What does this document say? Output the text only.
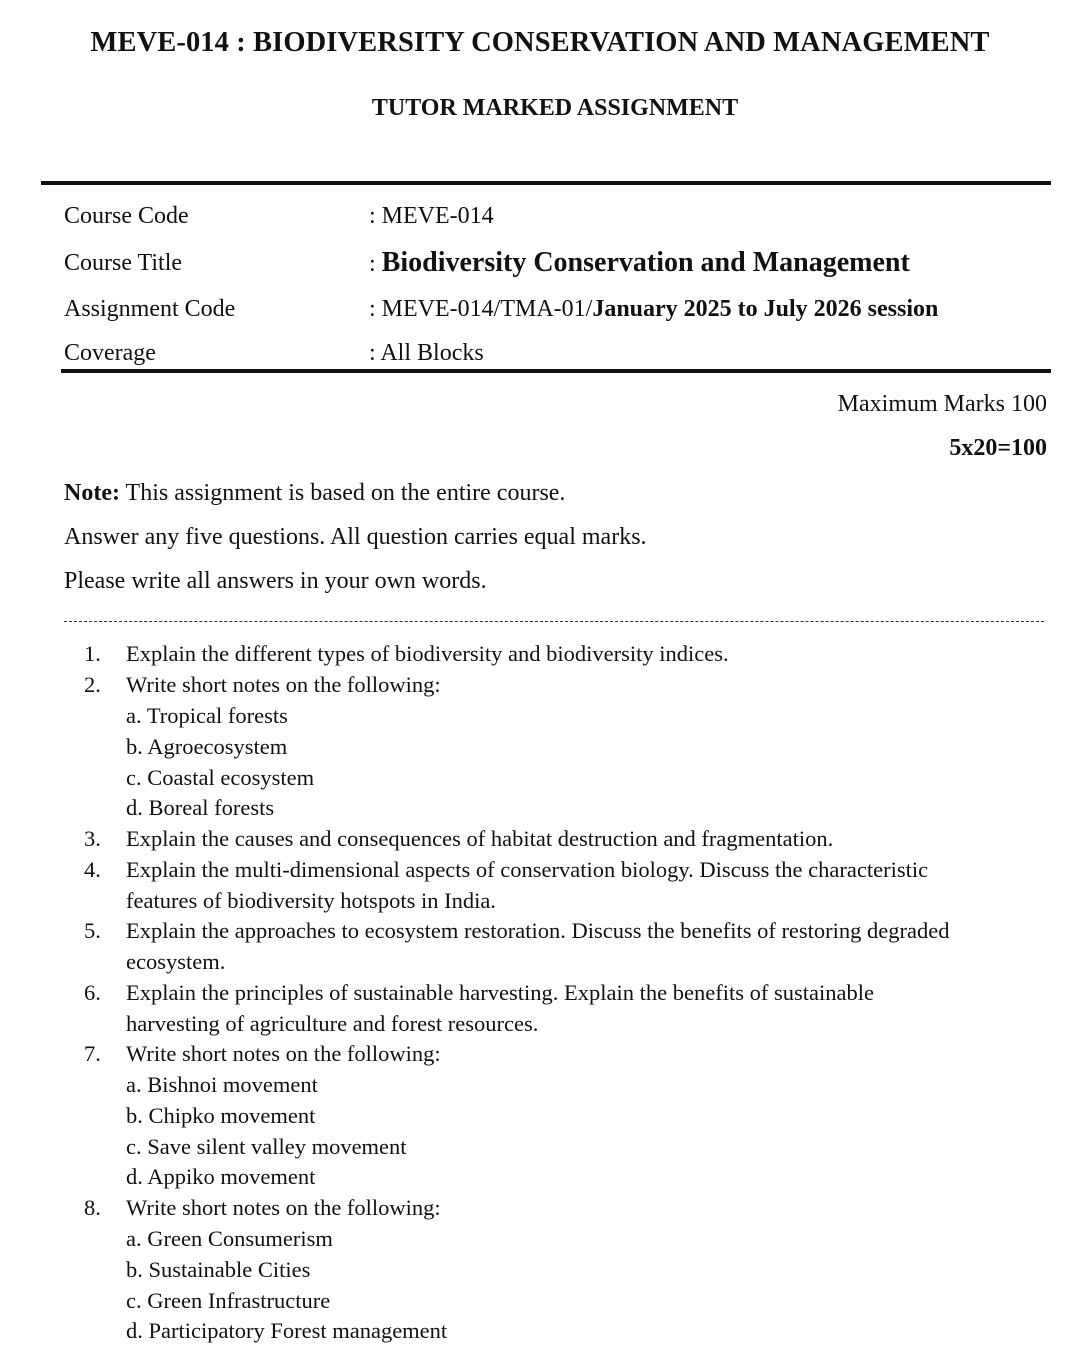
MEVE-014 : BIODIVERSITY CONSERVATION AND MANAGEMENT
TUTOR MARKED ASSIGNMENT
Course Code	: MEVE-014
Course Title	: Biodiversity Conservation and Management
Assignment Code	: MEVE-014/TMA-01/January 2025 to July 2026 session
Coverage	: All Blocks
Maximum Marks 100
5x20=100
Note: This assignment is based on the entire course.
Answer any five questions. All question carries equal marks.
Please write all answers in your own words.
1. Explain the different types of biodiversity and biodiversity indices.
2. Write short notes on the following:
a. Tropical forests
b. Agroecosystem
c. Coastal ecosystem
d. Boreal forests
3. Explain the causes and consequences of habitat destruction and fragmentation.
4. Explain the multi-dimensional aspects of conservation biology. Discuss the characteristic
features of biodiversity hotspots in India.
5. Explain the approaches to ecosystem restoration. Discuss the benefits of restoring degraded
ecosystem.
6. Explain the principles of sustainable harvesting. Explain the benefits of sustainable
harvesting of agriculture and forest resources.
7. Write short notes on the following:
a. Bishnoi movement
b. Chipko movement
c. Save silent valley movement
d. Appiko movement
8. Write short notes on the following:
a. Green Consumerism
b. Sustainable Cities
c. Green Infrastructure
d. Participatory Forest management
